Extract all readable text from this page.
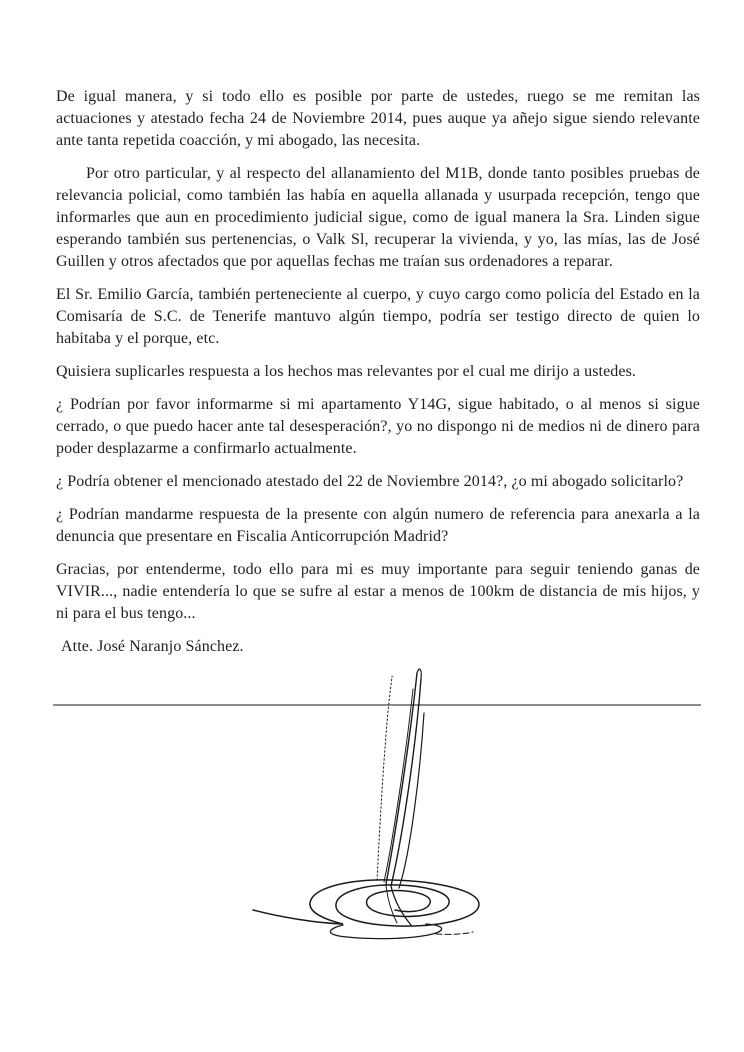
De igual manera, y si todo ello es posible por parte de ustedes, ruego se me remitan las actuaciones y atestado fecha 24 de Noviembre 2014, pues auque ya añejo sigue siendo relevante ante tanta repetida coacción, y mi abogado, las necesita.

Por otro particular, y al respecto del allanamiento del M1B, donde tanto posibles pruebas de relevancia policial, como también las había en aquella allanada y usurpada recepción, tengo que informarles que aun en procedimiento judicial sigue, como de igual manera la Sra. Linden sigue esperando también sus pertenencias, o Valk Sl, recuperar la vivienda, y yo, las mías, las de José Guillen y otros afectados que por aquellas fechas me traían sus ordenadores a reparar.

El Sr. Emilio García, también perteneciente al cuerpo, y cuyo cargo como policía del Estado en la Comisaría de S.C. de Tenerife mantuvo algún tiempo, podría ser testigo directo de quien lo habitaba y el porque, etc.

Quisiera suplicarles respuesta a los hechos mas relevantes por el cual me dirijo a ustedes.

¿ Podrían por favor informarme si mi apartamento Y14G, sigue habitado, o al menos si sigue cerrado, o que puedo hacer ante tal desesperación?, yo no dispongo ni de medios ni de dinero para poder desplazarme a confirmarlo actualmente.

¿ Podría obtener el mencionado atestado del 22 de Noviembre 2014?, ¿o mi abogado solicitarlo?

¿ Podrían mandarme respuesta de la presente con algún numero de referencia para anexarla a la denuncia que presentare en Fiscalia Anticorrupción Madrid?

Gracias, por entenderme, todo ello para mi es muy importante para seguir teniendo ganas de VIVIR..., nadie entendería lo que se sufre al estar a menos de 100km de distancia de mis hijos, y ni para el bus tengo...

Atte. José Naranjo Sánchez.
